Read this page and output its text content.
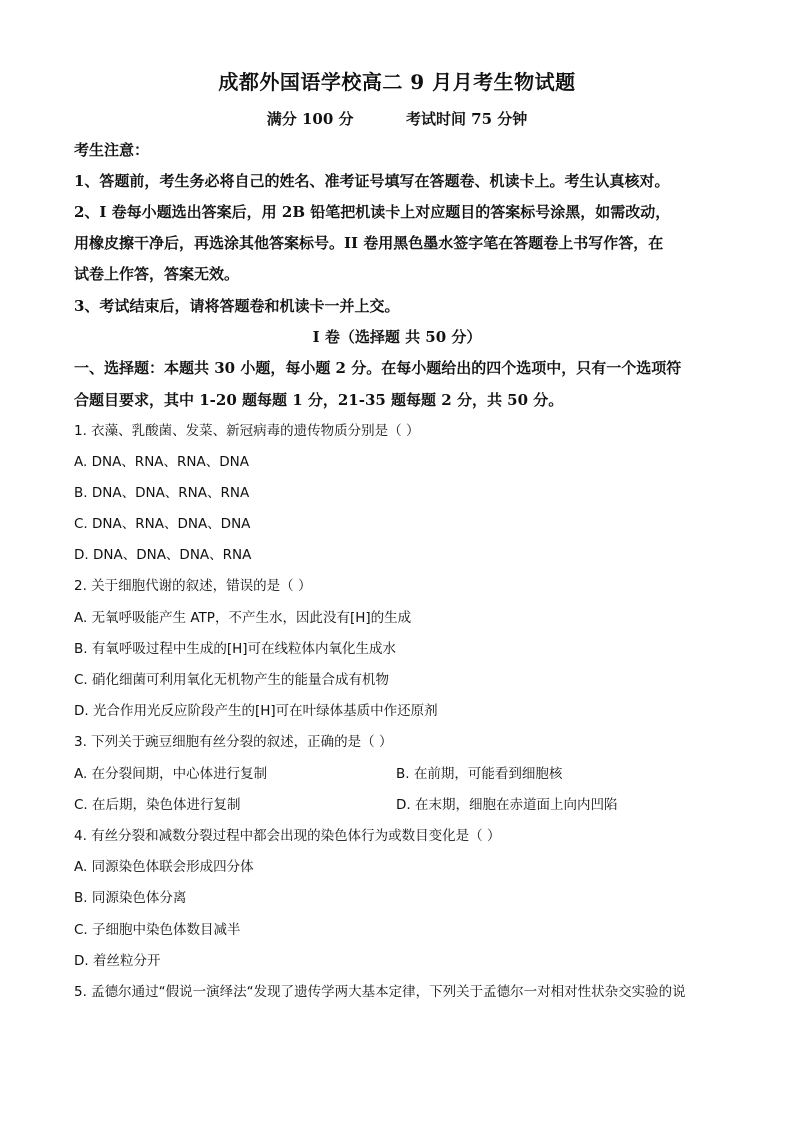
成都外国语学校高二 9 月月考生物试题
满分 100 分	考试时间 75 分钟
考生注意：
1、答题前，考生务必将自己的姓名、准考证号填写在答题卷、机读卡上。考生认真核对。
2、I 卷每小题选出答案后，用 2B 铅笔把机读卡上对应题目的答案标号涂黑，如需改动，
用橡皮擦干净后，再选涂其他答案标号。II 卷用黑色墨水签字笔在答题卷上书写作答，在
试卷上作答，答案无效。
3、考试结束后，请将答题卷和机读卡一并上交。
I 卷（选择题 共 50 分）
一、选择题：本题共 30 小题，每小题 2 分。在每小题给出的四个选项中，只有一个选项符
合题目要求，其中 1-20 题每题 1 分，21-35 题每题 2 分，共 50 分。
1. 衣藻、乳酸菌、发菜、新冠病毒的遗传物质分别是（ ）
A. DNA、RNA、RNA、DNA
B. DNA、DNA、RNA、RNA
C. DNA、RNA、DNA、DNA
D. DNA、DNA、DNA、RNA
2. 关于细胞代谢的叙述，错误的是（ ）
A. 无氧呼吸能产生 ATP，不产生水，因此没有[H]的生成
B. 有氧呼吸过程中生成的[H]可在线粒体内氧化生成水
C. 硝化细菌可利用氧化无机物产生的能量合成有机物
D. 光合作用光反应阶段产生的[H]可在叶绿体基质中作还原剂
3. 下列关于豌豆细胞有丝分裂的叙述，正确的是（ ）
A. 在分裂间期，中心体进行复制	B. 在前期，可能看到细胞核
C. 在后期，染色体进行复制	D. 在末期，细胞在赤道面上向内凹陷
4. 有丝分裂和减数分裂过程中都会出现的染色体行为或数目变化是（ ）
A. 同源染色体联会形成四分体
B. 同源染色体分离
C. 子细胞中染色体数目减半
D. 着丝粒分开
5. 孟德尔通过“假说一演绎法“发现了遗传学两大基本定律，下列关于孟德尔一对相对性状杂交实验的说
